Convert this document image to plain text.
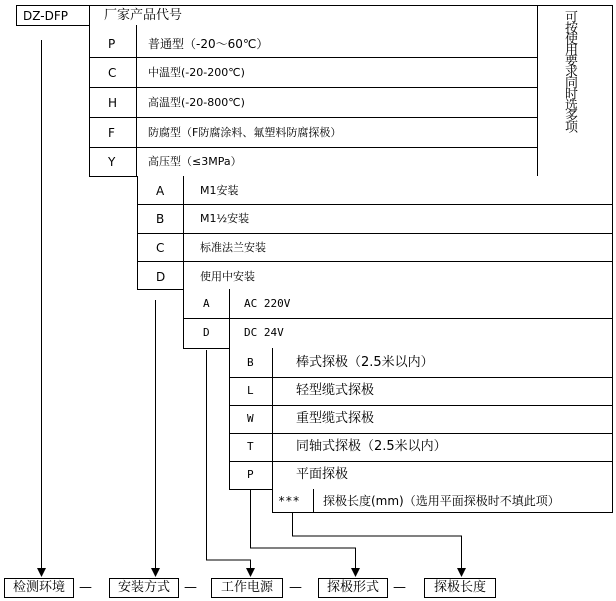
DZ-DFP	厂家产品代号	可按使用要求同时选多项
P	普通型（-20～60℃）
C	中温型(-20-200℃)
H	高温型(-20-800℃)
F	防腐型（F防腐涂料、氟塑料防腐探极）
Y	高压型（≤3MPa）
A	M1安装
B	M1½安装
C	标准法兰安装
D	使用中安装
A	AC 220V
D	DC 24V
B	棒式探极（2.5米以内）
L	轻型缆式探极
W	重型缆式探极
T	同轴式探极（2.5米以内）
P	平面探极
*** 探极长度(mm)（选用平面探极时不填此项）
检测环境	—	安装方式	—	工作电源	—	探极形式	—	探极长度
